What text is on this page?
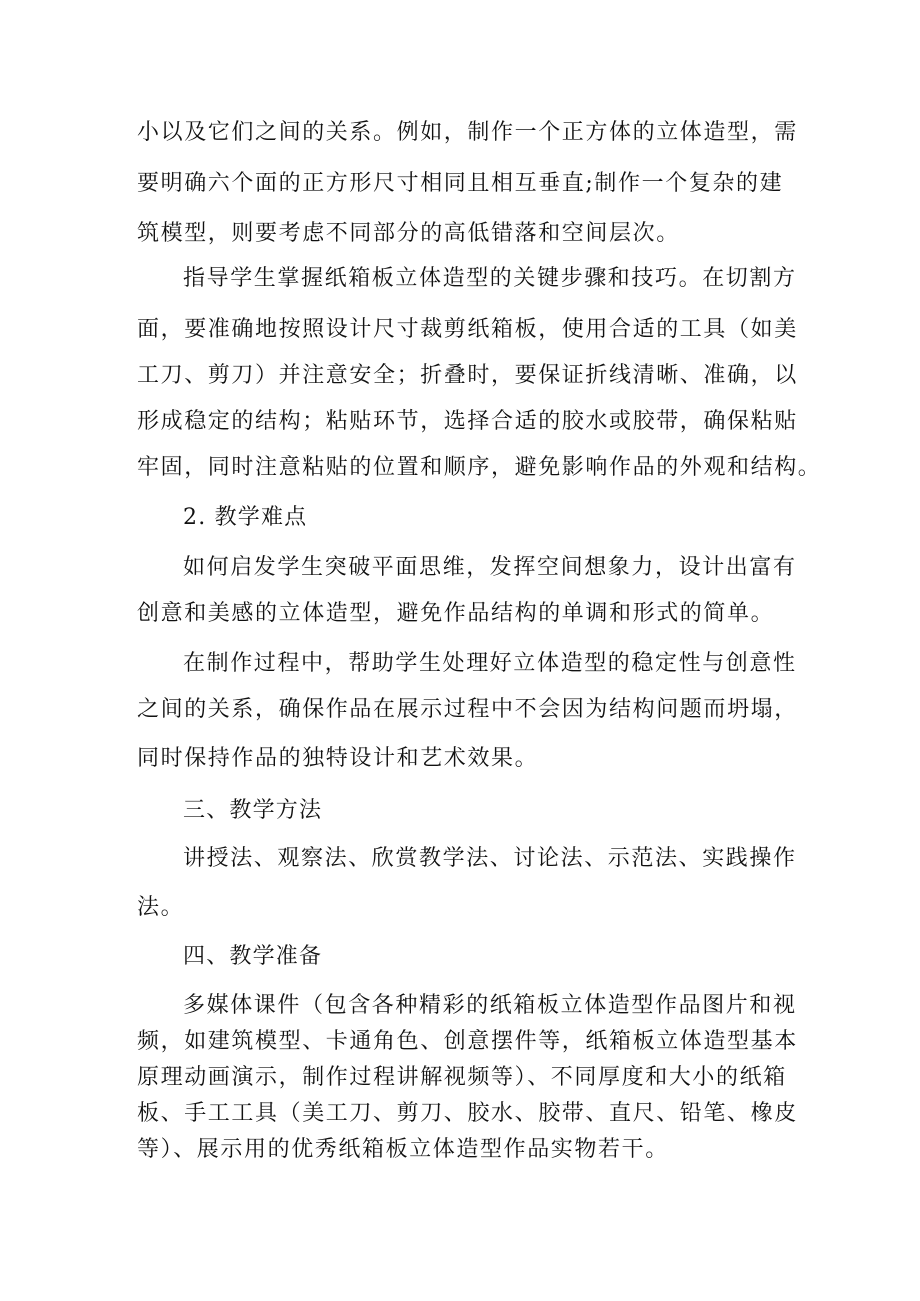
小以及它们之间的关系。例如，制作一个正方体的立体造型，需

要明确六个面的正方形尺寸相同且相互垂直;制作一个复杂的建

筑模型，则要考虑不同部分的高低错落和空间层次。

指导学生掌握纸箱板立体造型的关键步骤和技巧。在切割方

面，要准确地按照设计尺寸裁剪纸箱板，使用合适的工具（如美

工刀、剪刀）并注意安全；折叠时，要保证折线清晰、准确，以

形成稳定的结构；粘贴环节，选择合适的胶水或胶带，确保粘贴

牢固，同时注意粘贴的位置和顺序，避免影响作品的外观和结构。

2. 教学难点

如何启发学生突破平面思维，发挥空间想象力，设计出富有

创意和美感的立体造型，避免作品结构的单调和形式的简单。

在制作过程中，帮助学生处理好立体造型的稳定性与创意性

之间的关系，确保作品在展示过程中不会因为结构问题而坍塌，

同时保持作品的独特设计和艺术效果。

三、教学方法

讲授法、观察法、欣赏教学法、讨论法、示范法、实践操作

法。

四、教学准备

多媒体课件（包含各种精彩的纸箱板立体造型作品图片和视

频，如建筑模型、卡通角色、创意摆件等，纸箱板立体造型基本

原理动画演示，制作过程讲解视频等）、不同厚度和大小的纸箱

板、手工工具（美工刀、剪刀、胶水、胶带、直尺、铅笔、橡皮

等）、展示用的优秀纸箱板立体造型作品实物若干。
